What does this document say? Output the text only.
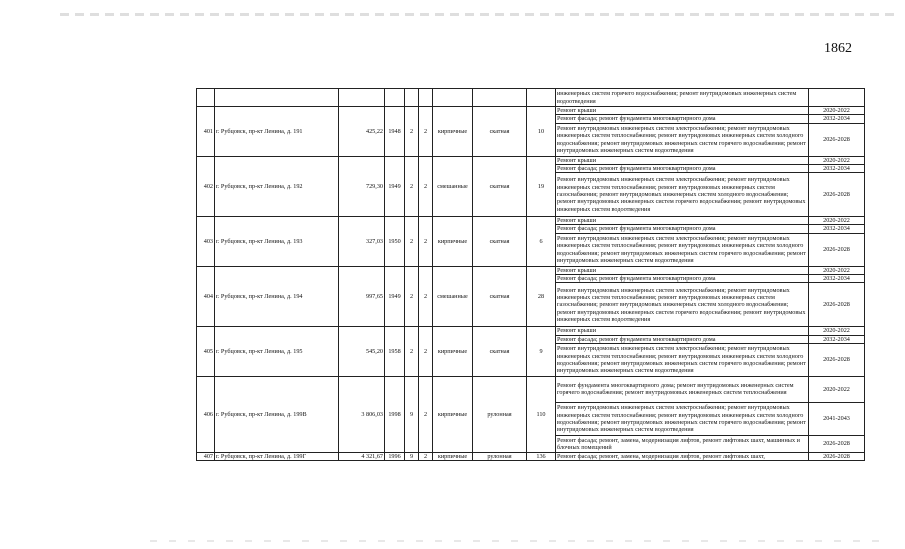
1862
									инженерных систем горячего водоснабжения; ремонт внутридомовых инженерных систем водоотведения	
401	г. Рубцовск, пр-кт Ленина, д. 191	425,22	1948	2	2	кирпичные	скатная	10	Ремонт крыши	2020-2022
									Ремонт фасада; ремонт фундамента многоквартирного дома	2032-2034
									Ремонт внутридомовых инженерных систем электроснабжения; ремонт внутридомовых инженерных систем теплоснабжения; ремонт внутридомовых инженерных систем холодного водоснабжения; ремонт внутридомовых инженерных систем горячего водоснабжения; ремонт внутридомовых инженерных систем водоотведения	2026-2028
402	г. Рубцовск, пр-кт Ленина, д. 192	729,30	1949	2	2	смешанные	скатная	19	Ремонт крыши	2020-2022
									Ремонт фасада; ремонт фундамента многоквартирного дома	2032-2034
									Ремонт внутридомовых инженерных систем электроснабжения; ремонт внутридомовых инженерных систем теплоснабжения; ремонт внутридомовых инженерных систем газоснабжения; ремонт внутридомовых инженерных систем холодного водоснабжения; ремонт внутридомовых инженерных систем горячего водоснабжения; ремонт внутридомовых инженерных систем водоотведения	2026-2028
403	г. Рубцовск, пр-кт Ленина, д. 193	327,03	1950	2	2	кирпичные	скатная	6	Ремонт крыши	2020-2022
									Ремонт фасада; ремонт фундамента многоквартирного дома	2032-2034
									Ремонт внутридомовых инженерных систем электроснабжения; ремонт внутридомовых инженерных систем теплоснабжения; ремонт внутридомовых инженерных систем холодного водоснабжения; ремонт внутридомовых инженерных систем горячего водоснабжения; ремонт внутридомовых инженерных систем водоотведения	2026-2028
404	г. Рубцовск, пр-кт Ленина, д. 194	997,65	1949	2	2	смешанные	скатная	28	Ремонт крыши	2020-2022
									Ремонт фасада; ремонт фундамента многоквартирного дома	2032-2034
									Ремонт внутридомовых инженерных систем электроснабжения; ремонт внутридомовых инженерных систем теплоснабжения; ремонт внутридомовых инженерных систем газоснабжения; ремонт внутридомовых инженерных систем холодного водоснабжения; ремонт внутридомовых инженерных систем горячего водоснабжения; ремонт внутридомовых инженерных систем водоотведения	2026-2028
405	г. Рубцовск, пр-кт Ленина, д. 195	545,20	1958	2	2	кирпичные	скатная	9	Ремонт крыши	2020-2022
									Ремонт фасада; ремонт фундамента многоквартирного дома	2032-2034
									Ремонт внутридомовых инженерных систем электроснабжения; ремонт внутридомовых инженерных систем теплоснабжения; ремонт внутридомовых инженерных систем холодного водоснабжения; ремонт внутридомовых инженерных систем горячего водоснабжения; ремонт внутридомовых инженерных систем водоотведения	2026-2028
406	г. Рубцовск, пр-кт Ленина, д. 199В	3 806,03	1998	9	2	кирпичные	рулонная	110	Ремонт фундамента многоквартирного дома; ремонт внутридомовых инженерных систем горячего водоснабжения; ремонт внутридомовых инженерных систем теплоснабжения	2020-2022
									Ремонт внутридомовых инженерных систем электроснабжения; ремонт внутридомовых инженерных систем теплоснабжения; ремонт внутридомовых инженерных систем холодного водоснабжения; ремонт внутридомовых инженерных систем горячего водоснабжения; ремонт внутридомовых инженерных систем водоотведения	2041-2043
									Ремонт фасада; ремонт, замена, модернизация лифтов, ремонт лифтовых шахт, машинных и блочных помещений	2026-2028
407	г. Рубцовск, пр-кт Ленина, д. 199Г	4 321,67	1996	9	2	кирпичные	рулонная	136	Ремонт фасада; ремонт, замена, модернизация лифтов, ремонт лифтовых шахт,	2026-2028
